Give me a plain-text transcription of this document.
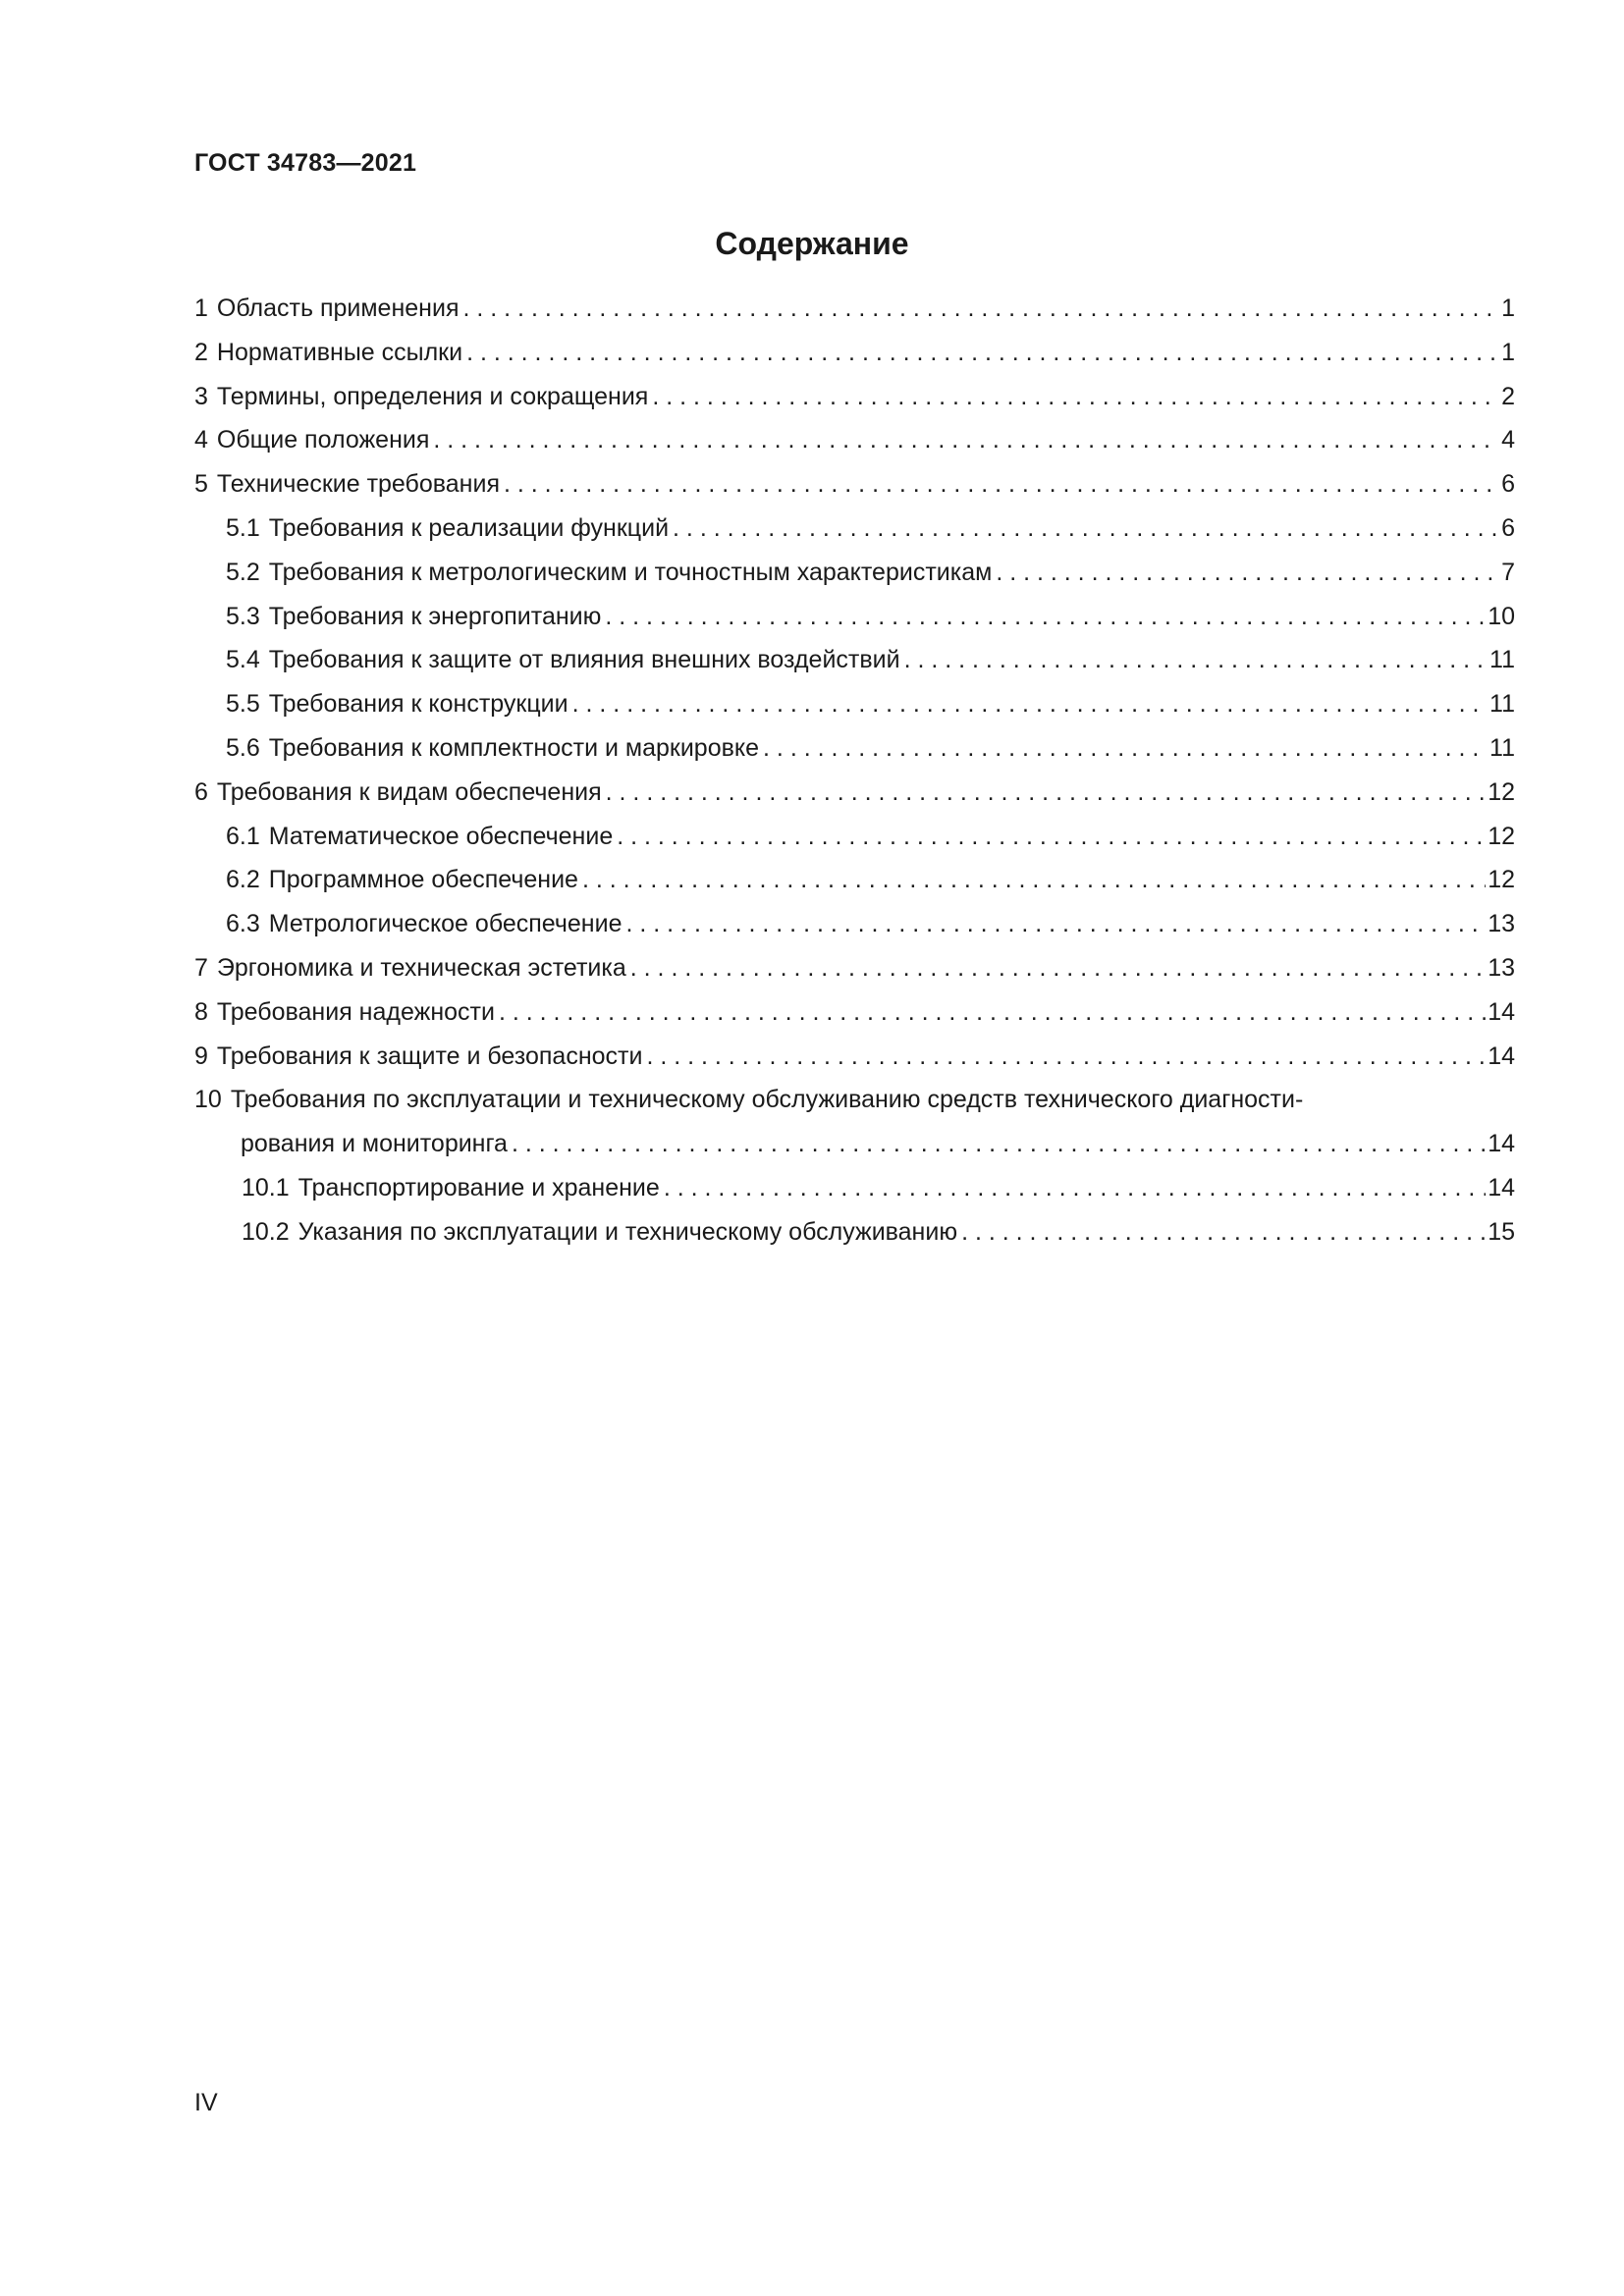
ГОСТ 34783—2021
Содержание
1 Область применения . . .	1
2 Нормативные ссылки . . .	1
3 Термины, определения и сокращения . . .	2
4 Общие положения . . .	4
5 Технические требования . . .	6
5.1 Требования к реализации функций . . .	6
5.2 Требования к метрологическим и точностным характеристикам . . .	7
5.3 Требования к энергопитанию . . .	10
5.4 Требования к защите от влияния внешних воздействий . . .	11
5.5 Требования к конструкции . . .	11
5.6 Требования к комплектности и маркировке . . .	11
6 Требования к видам обеспечения . . .	12
6.1 Математическое обеспечение . . .	12
6.2 Программное обеспечение . . .	12
6.3 Метрологическое обеспечение . . .	13
7 Эргономика и техническая эстетика . . .	13
8 Требования надежности . . .	14
9 Требования к защите и безопасности . . .	14
10 Требования по эксплуатации и техническому обслуживанию средств технического диагности-
рования и мониторинга . . .	14
10.1 Транспортирование и хранение . . .	14
10.2 Указания по эксплуатации и техническому обслуживанию . . .	15
IV
